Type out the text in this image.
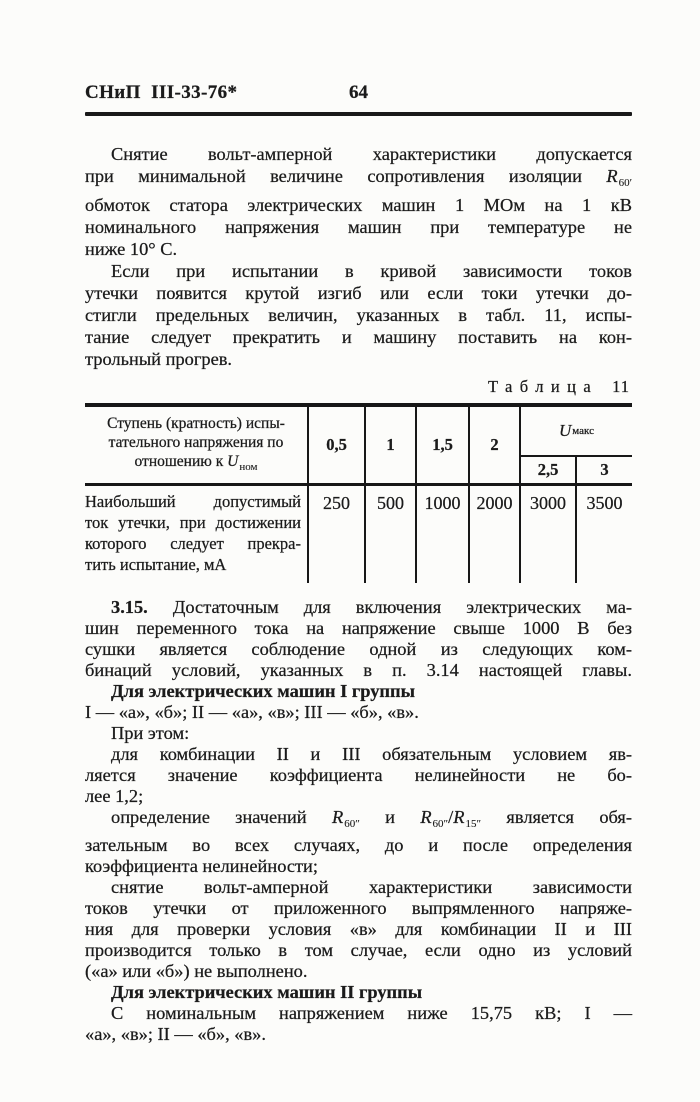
СНиП  III-33-76*	64
Снятие вольт-амперной характеристики допускается
при минимальной величине сопротивления изоляции $R_{60'}$
обмоток статора электрических машин 1 МОм на 1 кВ
номинального напряжения машин при температуре не
ниже 10° С.
Если при испытании в кривой зависимости токов
утечки появится крутой изгиб или если токи утечки до-
стигли предельных величин, указанных в табл. 11, испы-
тание следует прекратить и машину поставить на кон-
трольный прогрев.
Таблица 11
Ступень (кратность) испы-
тательного напряжения по
отношению к $U_{ном}$
0,5	1	1,5	2
U макс
2,5	3
Наибольший допустимый
ток утечки, при достижении
которого следует прекра-
тить испытание, мА
250	500	1000 2000 3000	3500
3.15. Достаточным для включения электрических ма-
шин переменного тока на напряжение свыше 1000 В без
сушки является соблюдение одной из следующих ком-
бинаций условий, указанных в п. 3.14 настоящей главы.
Для электрических машин I группы
I — «а», «б»; II — «а», «в»; III — «б», «в».
При этом:
для комбинации II и III обязательным условием яв-
ляется значение коэффициента нелинейности не бо-
лее 1,2;
определение значений $R_{60''}$ и $R_{60''}/R_{15''}$ является обя-
зательным во всех случаях, до и после определения
коэффициента нелинейности;
снятие вольт-амперной характеристики зависимости
токов утечки от приложенного выпрямленного напряже-
ния для проверки условия «в» для комбинации II и III
производится только в том случае, если одно из условий
(«а» или «б») не выполнено.
Для электрических машин II группы
С номинальным напряжением ниже 15,75 кВ; I —
«а», «в»; II — «б», «в».
